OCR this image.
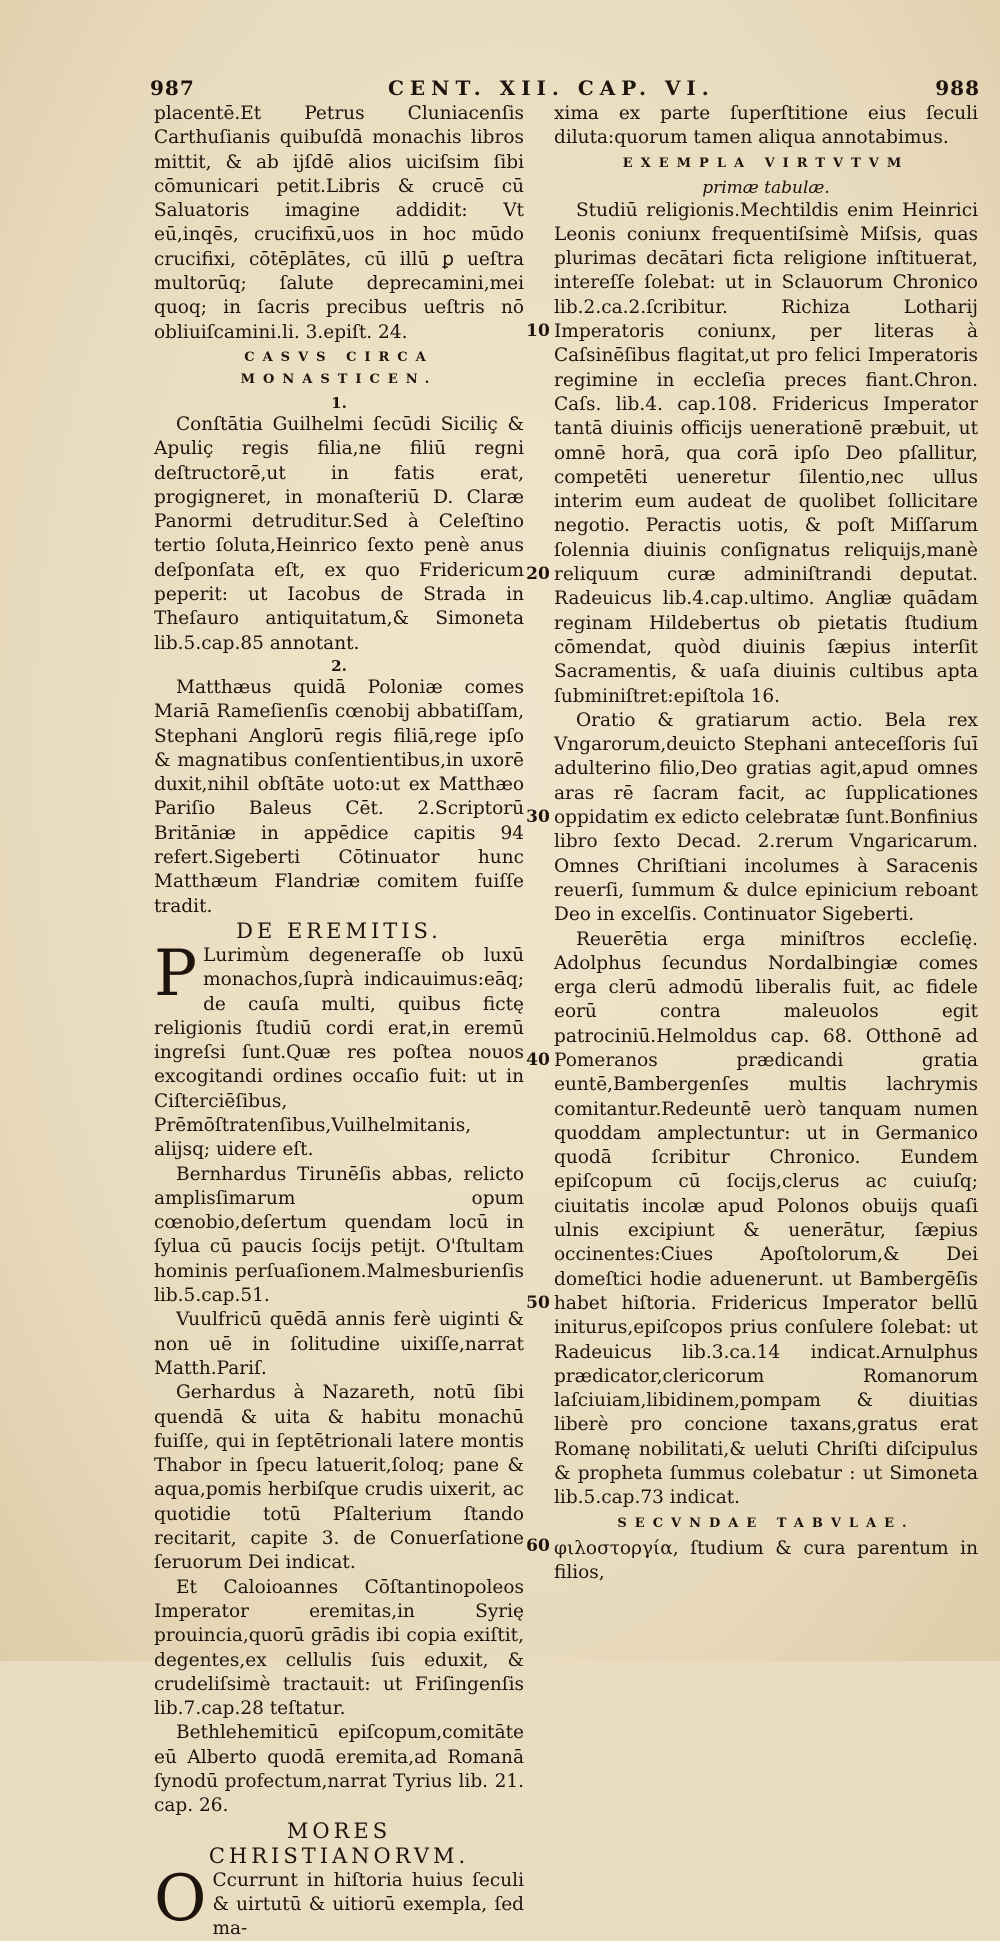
987	CENT. XII. CAP. VI.	988

placentē.Et Petrus Cluniacenſis Carthuſianis quibuſdā monachis libros mittit, & ab ijſdē alios uiciſsim ſibi cōmunicari petit.Libris & crucē cū Saluatoris imagine addidit: Vt eū,inqēs, crucifixū,uos in hoc mūdo crucifixi, cōtēplātes, cū illū ꝑ ueſtra multorūq; ſalute deprecamini,mei quoq; in ſacris precibus ueſtris nō obliuiſcamini.li. 3.epiſt. 24.

CASVS CIRCA MONASTICEN.
1.

Conſtātia Guilhelmi ſecūdi Siciliç & Apuliç regis filia,ne filiū regni deſtructorē,ut in fatis erat, progigneret, in monaſteriū D. Claræ Panormi detruditur.Sed à Celeſtino tertio ſoluta,Heinrico ſexto penè anus deſponſata eſt, ex quo Fridericum peperit: ut Iacobus de Strada in Theſauro antiquitatum,& Simoneta lib.5.cap.85 annotant.

2.

Matthæus quidā Poloniæ comes Mariā Rameſienſis cœnobij abbatiſſam, Stephani Anglorū regis filiā,rege ipſo & magnatibus conſentientibus,in uxorē duxit,nihil obſtāte uoto:ut ex Matthæo Pariſio Baleus Cēt. 2.Scriptorū Britāniæ in appēdice capitis 94 refert.Sigeberti Cōtinuator hunc Matthæum Flandriæ comitem fuiſſe tradit.

DE EREMITIS.

P Lurimùm degeneraſſe ob luxū monachos,ſuprà indicauimus:eāq; de cauſa multi, quibus fictę religionis ſtudiū cordi erat,in eremū ingreſsi ſunt.Quæ res poſtea nouos excogitandi ordines occaſio fuit: ut in Ciſterciēſibus, Prēmōſtratenſibus,Vuilhelmitanis, alijsq; uidere eſt.

Bernhardus Tirunēſis abbas, relicto amplisſimarum opum cœnobio,deſertum quendam locū in ſylua cū paucis ſocijs petijt. O'ſtultam hominis perſuaſionem.Malmesburienſis lib.5.cap.51.

Vuulfricū quēdā annis ferè uiginti & non uē in ſolitudine uixiſſe,narrat Matth.Pariſ.

Gerhardus à Nazareth, notū ſibi quendā & uita & habitu monachū fuiſſe, qui in ſeptētrionali latere montis Thabor in ſpecu latuerit,ſoloq; pane & aqua,pomis herbiſque crudis uixerit, ac quotidie totū Pſalterium ſtando recitarit, capite 3. de Conuerſatione ſeruorum Dei indicat.

Et Caloioannes Cōſtantinopoleos Imperator eremitas,in Syrię prouincia,quorū grādis ibi copia exiſtit, degentes,ex cellulis ſuis eduxit, & crudeliſsimè tractauit: ut Friſingenſis lib.7.cap.28 teſtatur.

Bethlehemiticū epiſcopum,comitāte eū Alberto quodā eremita,ad Romanā ſynodū profectum,narrat Tyrius lib. 21. cap. 26.

MORES CHRISTIANORVM.

O Ccurrunt in hiſtoria huius ſeculi & uirtutū & uitiorū exempla, ſed ma-

10
20
30
40
50
60

xima ex parte ſuperſtitione eius ſeculi diluta:quorum tamen aliqua annotabimus.

EXEMPLA VIRTVTVM
primæ tabulæ.

Studiū religionis.Mechtildis enim Heinrici Leonis coniunx frequentiſsimè Miſsis, quas plurimas decātari ficta religione inſtituerat, intereſſe ſolebat: ut in Sclauorum Chronico lib.2.ca.2.ſcribitur. Richiza Lotharij Imperatoris coniunx, per literas à Caſsinēſibus flagitat,ut pro felici Imperatoris regimine in eccleſia preces fiant.Chron. Caſs. lib.4. cap.108. Fridericus Imperator tantā diuinis officijs uenerationē præbuit, ut omnē horā, qua corā ipſo Deo pſallitur, competēti ueneretur ſilentio,nec ullus interim eum audeat de quolibet ſollicitare negotio. Peractis uotis, & poſt Miſſarum ſolennia diuinis conſignatus reliquijs,manè reliquum curæ adminiſtrandi deputat. Radeuicus lib.4.cap.ultimo. Angliæ quādam reginam Hildebertus ob pietatis ſtudium cōmendat, quòd diuinis ſæpius interſit Sacramentis, & uaſa diuinis cultibus apta ſubminiſtret:epiſtola 16.

Oratio & gratiarum actio. Bela rex Vngarorum,deuicto Stephani anteceſſoris ſuī adulterino filio,Deo gratias agit,apud omnes aras rē ſacram facit, ac ſupplicationes oppidatim ex edicto celebratæ ſunt.Bonfinius libro ſexto Decad. 2.rerum Vngaricarum. Omnes Chriſtiani incolumes à Saracenis reuerſi, ſummum & dulce epinicium reboant Deo in excelſis. Continuator Sigeberti.

Reuerētia erga miniſtros eccleſię. Adolphus ſecundus Nordalbingiæ comes erga clerū admodū liberalis fuit, ac fidele eorū contra maleuolos egit patrociniū.Helmoldus cap. 68. Otthonē ad Pomeranos prædicandi gratia euntē,Bambergenſes multis lachrymis comitantur.Redeuntē uerò tanquam numen quoddam amplectuntur: ut in Germanico quodā ſcribitur Chronico. Eundem epiſcopum cū ſocijs,clerus ac cuiuſq; ciuitatis incolæ apud Polonos obuijs quaſi ulnis excipiunt & uenerātur, ſæpius occinentes:Ciues Apoſtolorum,& Dei domeſtici hodie aduenerunt. ut Bambergēſis habet hiſtoria. Fridericus Imperator bellū initurus,epiſcopos prius conſulere ſolebat: ut Radeuicus lib.3.ca.14 indicat.Arnulphus prædicator,clericorum Romanorum laſciuiam,libidinem,pompam & diuitias liberè pro concione taxans,gratus erat Romanę nobilitati,& ueluti Chriſti diſcipulus & propheta ſummus colebatur : ut Simoneta lib.5.cap.73 indicat.

SECVNDAE TABVLAE.

φιλοστοργία, ſtudium & cura parentum in filios,
